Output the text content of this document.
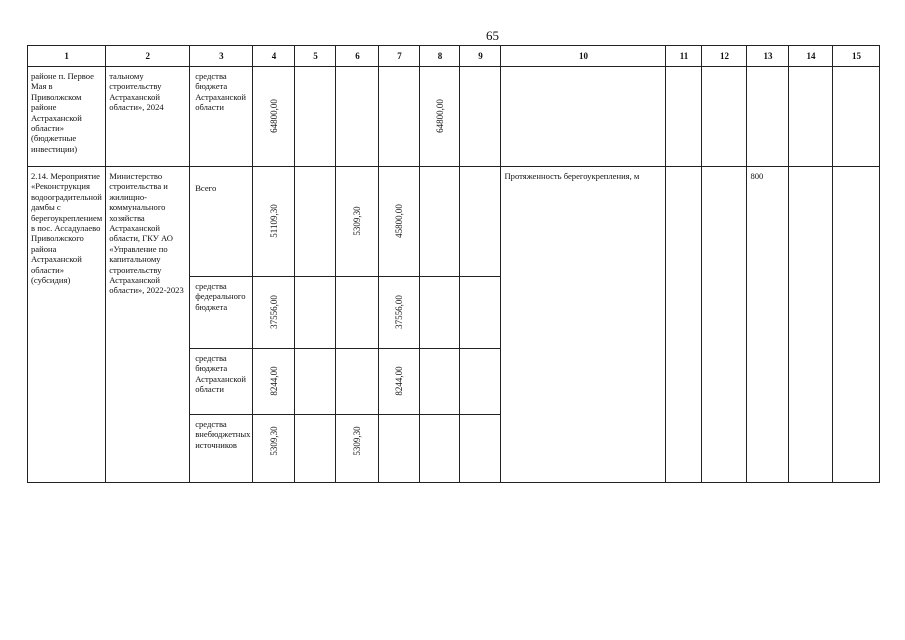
65
1	2	3	4	5	6	7	8	9	10	11	12	13	14	15

районе п. Первое Мая в Приволжском районе Астраханской области» (бюджетные инвестиции)	тальному строительству Астраханской области», 2024	средства бюджета Астраханской области	64800,00				64800,00							

2.14. Мероприятие «Реконструкция водооградительной дамбы с берегоукреплением в пос. Ассадулаево Приволжского района Астраханской области» (субсидия)	Министерство строительства и жилищно-коммунального хозяйства Астраханской области, ГКУ АО «Управление по капитальному строительству Астраханской области», 2022-2023	Всего	51109,30		5309,30	45800,00			Протяженность берегоукрепления, м			800		

		средства федерального бюджета	37556,00			37556,00								

		средства бюджета Астраханской области	8244,00			8244,00								

		средства внебюджетных источников	5309,30		5309,30									
